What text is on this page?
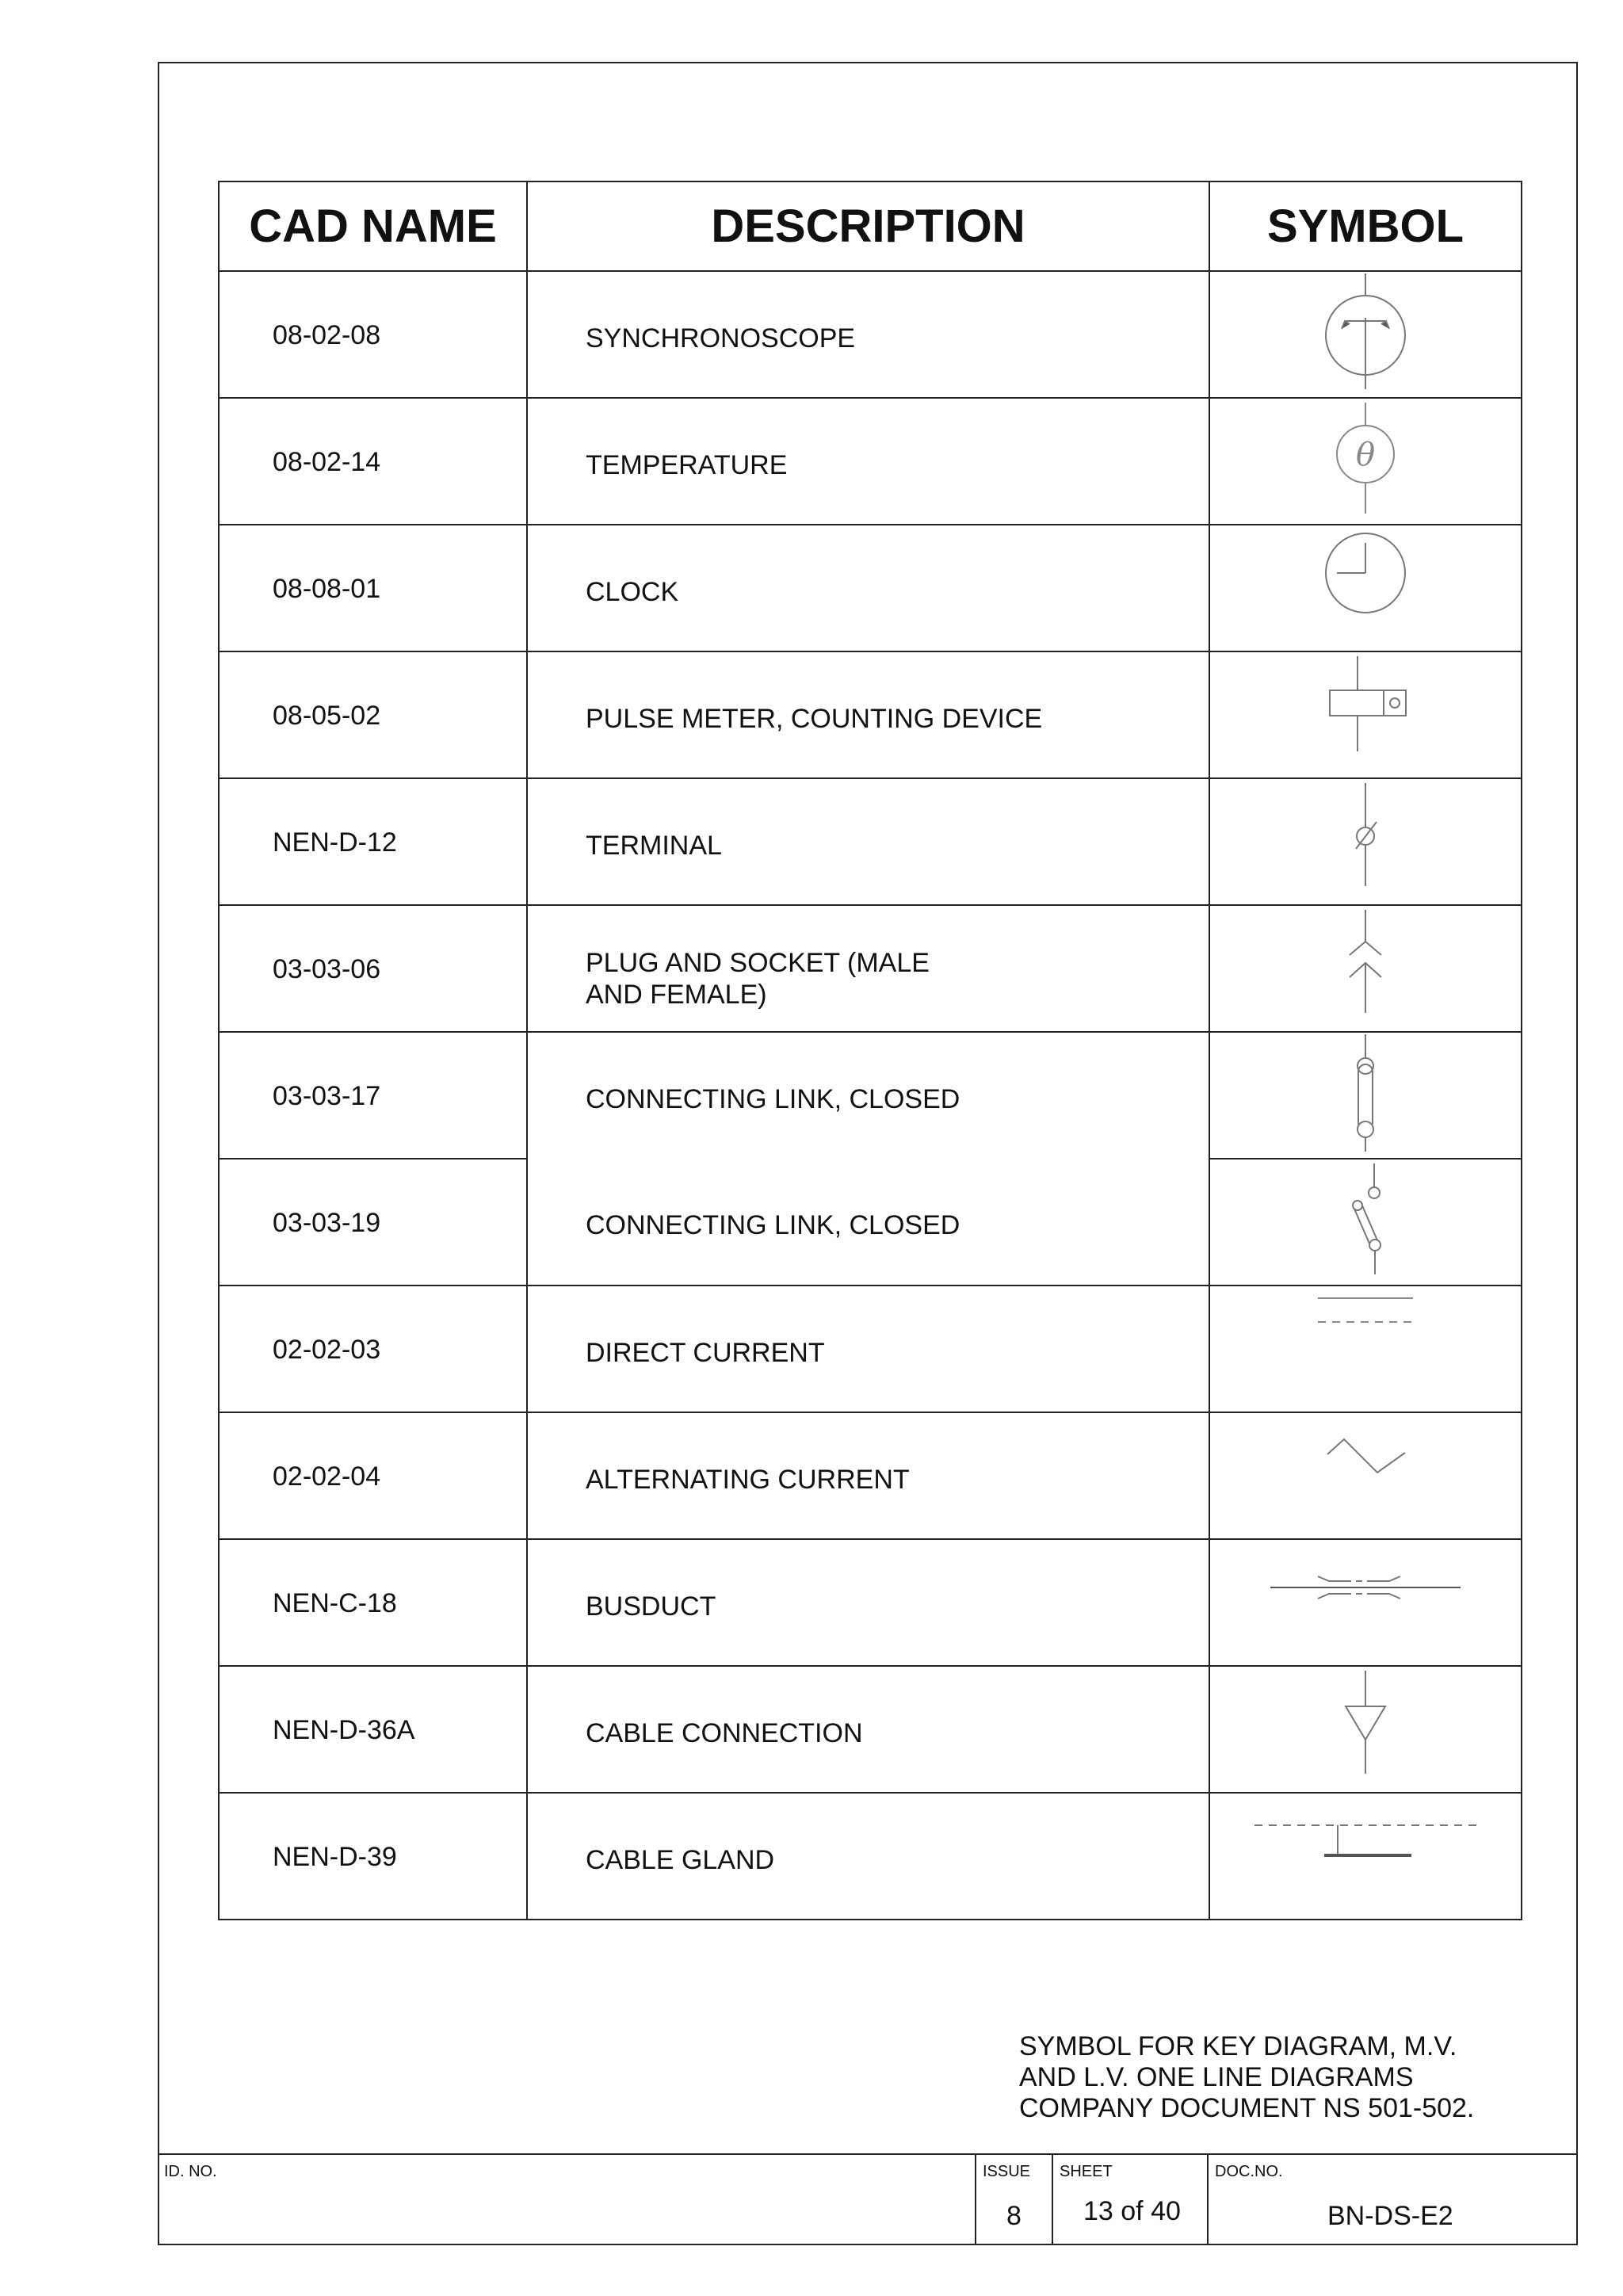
CAD NAME	DESCRIPTION	SYMBOL

08-02-08	SYNCHRONOSCOPE

08-02-14	TEMPERATURE	θ

08-08-01	CLOCK

08-05-02	PULSE METER, COUNTING DEVICE

NEN-D-12	TERMINAL

03-03-06	PLUG AND SOCKET (MALE
AND FEMALE)

03-03-17	CONNECTING LINK, CLOSED

03-03-19	CONNECTING LINK, CLOSED

02-02-03	DIRECT CURRENT

02-02-04	ALTERNATING CURRENT

NEN-C-18	BUSDUCT

NEN-D-36A	CABLE CONNECTION

NEN-D-39	CABLE GLAND

SYMBOL FOR KEY DIAGRAM, M.V.
AND L.V. ONE LINE DIAGRAMS
COMPANY DOCUMENT NS 501-502.
ID. NO.	ISSUE
8
SHEET
13 of 40
DOC.NO.
BN-DS-E2
